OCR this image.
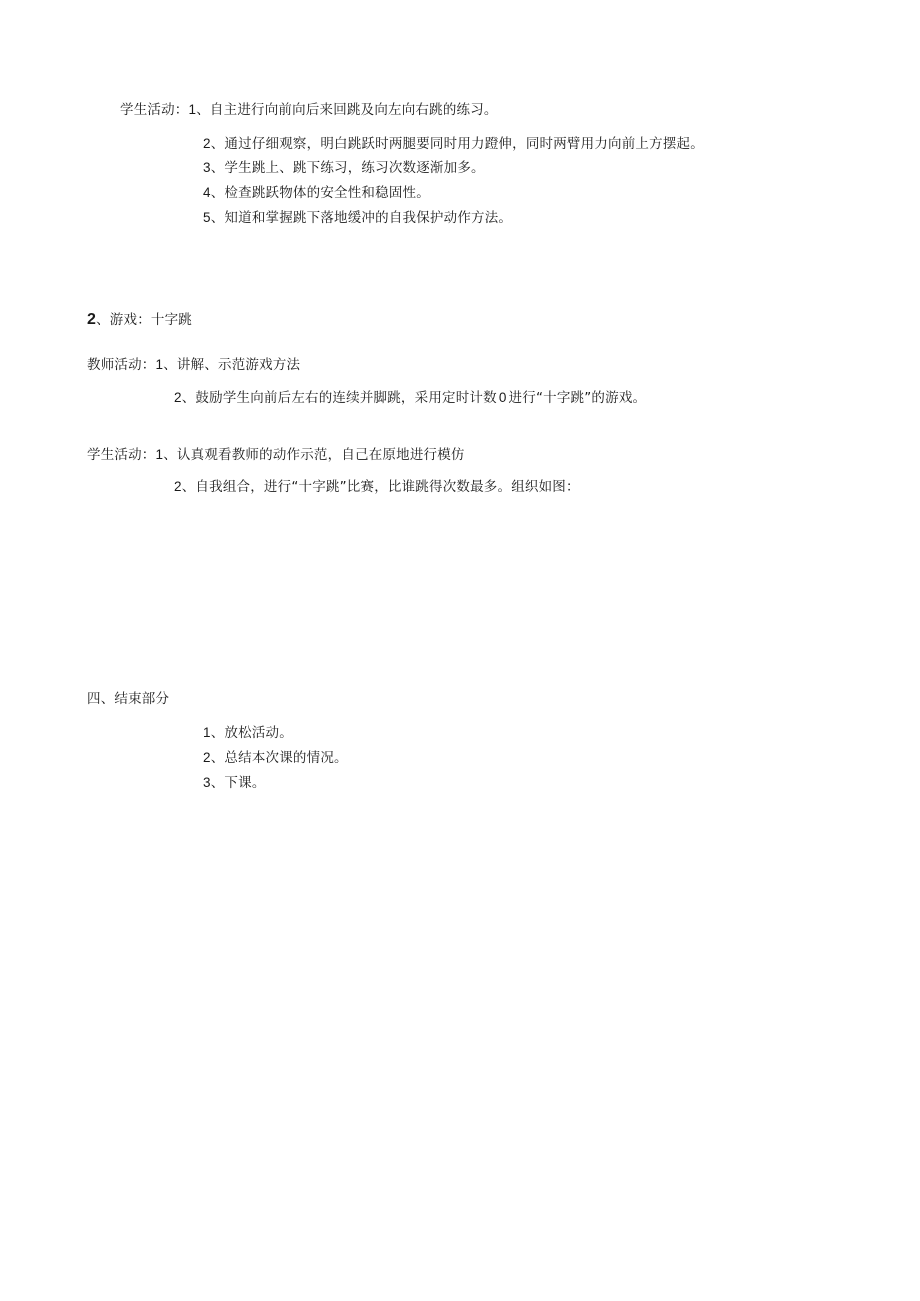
学生活动：1、自主进行向前向后来回跳及向左向右跳的练习。
2、通过仔细观察，明白跳跃时两腿要同时用力蹬伸，同时两臂用力向前上方摆起。
3、学生跳上、跳下练习，练习次数逐渐加多。
4、检查跳跃物体的安全性和稳固性。
5、知道和掌握跳下落地缓冲的自我保护动作方法。
2、游戏：十字跳
教师活动：1、讲解、示范游戏方法
2、鼓励学生向前后左右的连续并脚跳，采用定时计数 0 进行“十字跳”的游戏。
学生活动：1、认真观看教师的动作示范，自己在原地进行模仿
2、自我组合，进行“十字跳”比赛，比谁跳得次数最多。组织如图：
四、结束部分
1、放松活动。
2、总结本次课的情况。
3、下课。
